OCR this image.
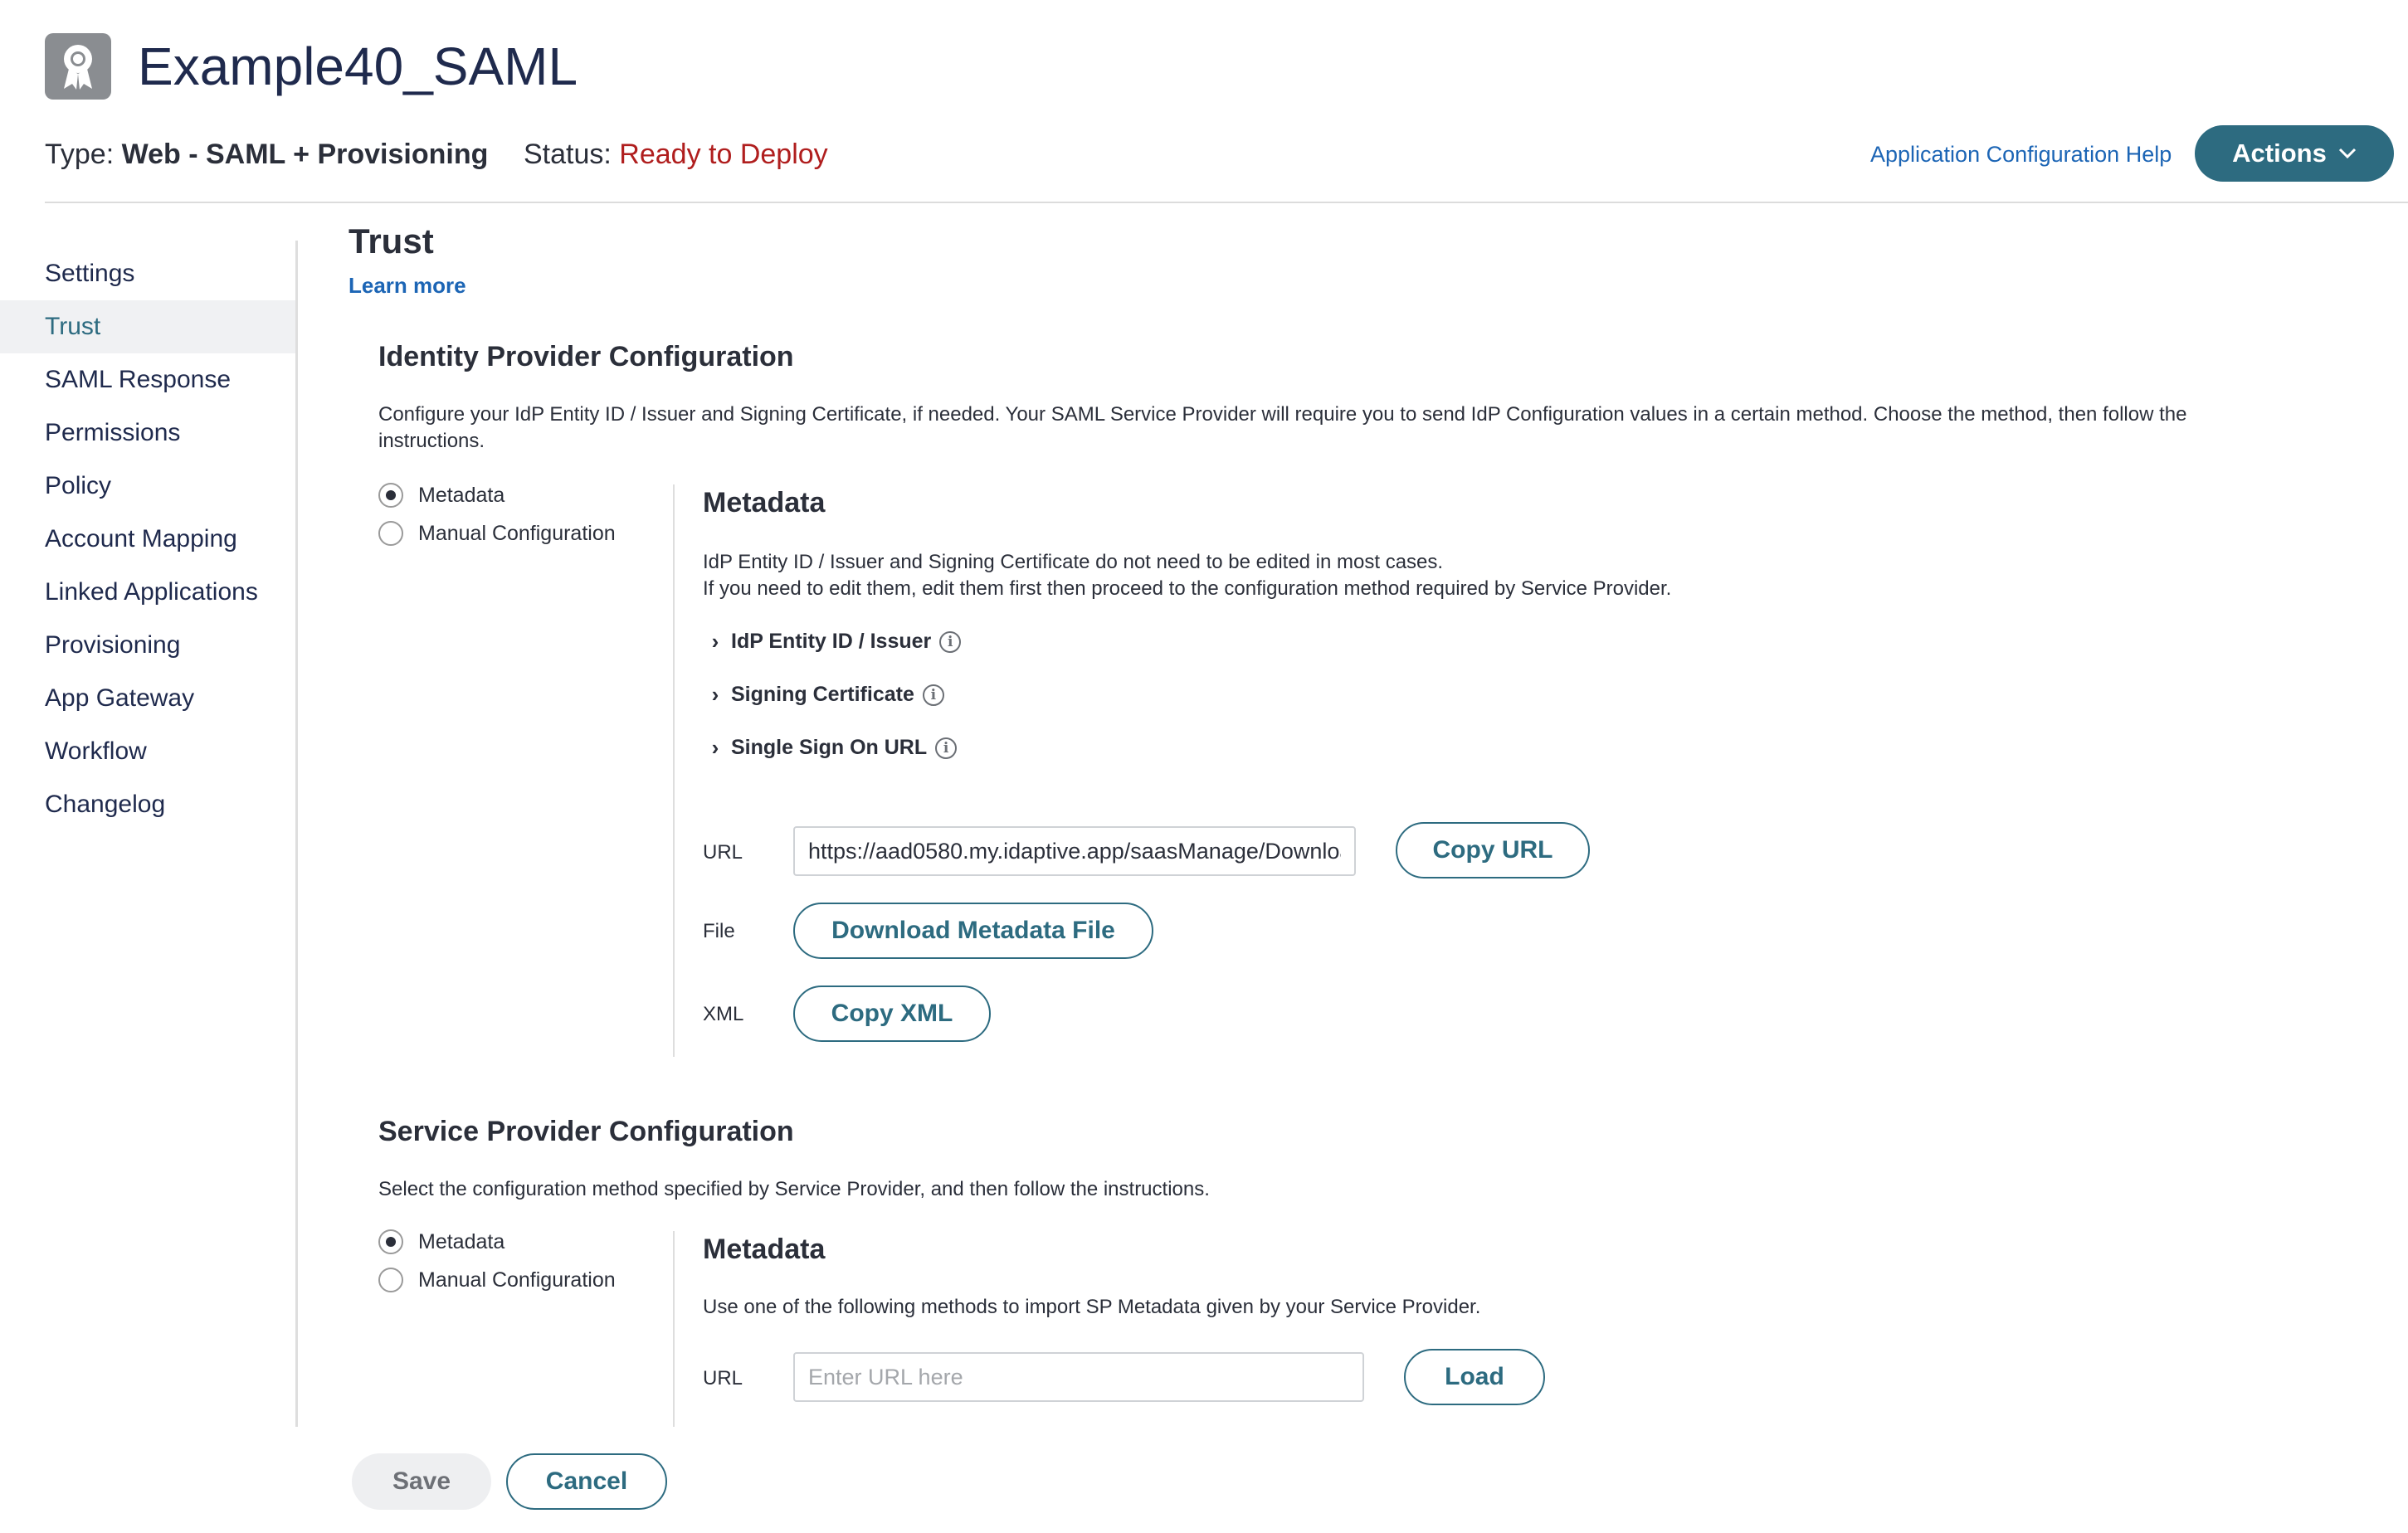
Example40_SAML
Type: Web - SAML + Provisioning Status: Ready to Deploy	Application Configuration Help Actions
Settings
Trust
SAML Response
Permissions
Policy
Account Mapping
Linked Applications
Provisioning
App Gateway
Workflow
Changelog
Trust
Learn more
Identity Provider Configuration
Configure your IdP Entity ID / Issuer and Signing Certificate, if needed. Your SAML Service Provider will require you to send IdP Configuration values in a certain method. Choose the method, then follow the instructions.
Metadata
Manual Configuration
Metadata
IdP Entity ID / Issuer and Signing Certificate do not need to be edited in most cases.
If you need to edit them, edit them first then proceed to the configuration method required by Service Provider.
› IdP Entity ID / Issuer	i
› Signing Certificate	i
› Single Sign On URL	i
URL
https://aad0580.my.idaptive.app/saasManage/DownloadSAMLMetadataForApp	Copy URL
File	Download Metadata File
XML	Copy XML
Service Provider Configuration
Select the configuration method specified by Service Provider, and then follow the instructions.
Metadata
Manual Configuration
Metadata
Use one of the following methods to import SP Metadata given by your Service Provider.
URL
Enter URL here	Load
Save	Cancel
